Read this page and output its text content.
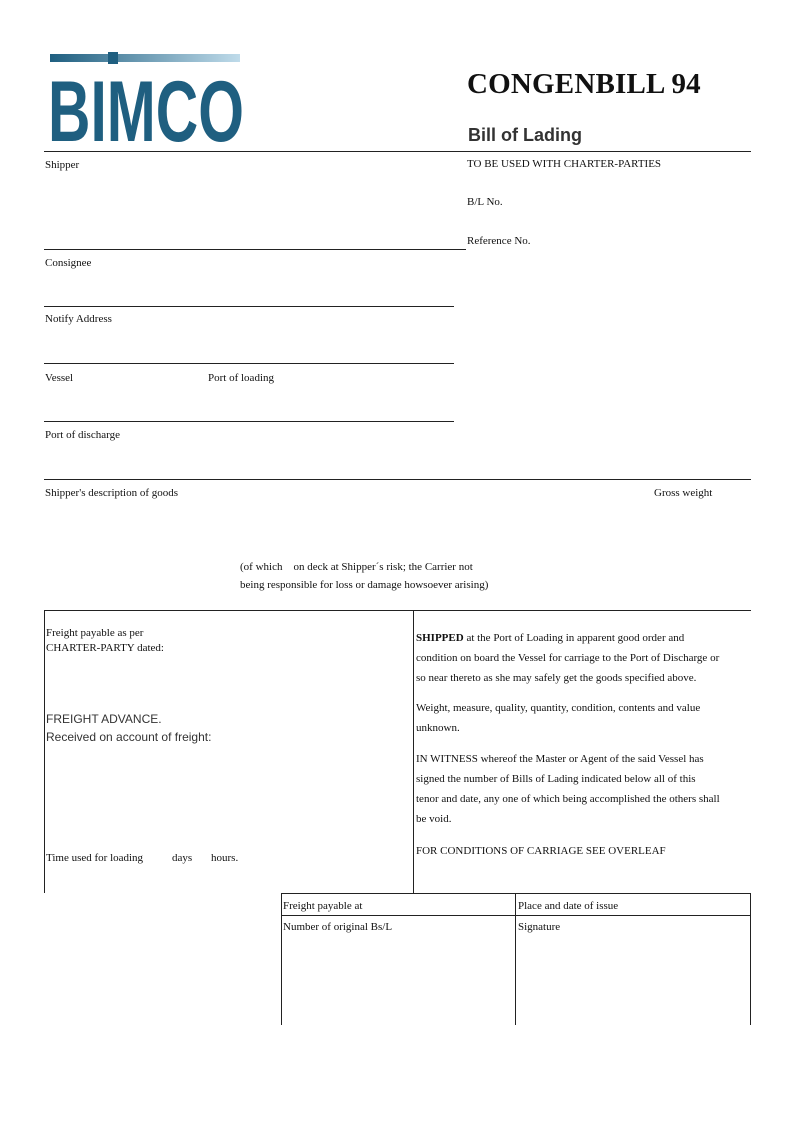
BIMCO	CONGENBILL 94
Bill of Lading
TO BE USED WITH CHARTER-PARTIES
B/L No.
Reference No.
Shipper
Consignee
Notify Address
Vessel	Port of loading
Port of discharge
Shipper's description of goods	Gross weight
(of which    on deck at Shipper´s risk; the Carrier not
being responsible for loss or damage howsoever arising)
Freight payable as per
CHARTER-PARTY dated:
FREIGHT ADVANCE.
Received on account of freight:
Time used for loading	days hours.
SHIPPED at the Port of Loading in apparent good order and
condition on board the Vessel for carriage to the Port of Discharge or
so near thereto as she may safely get the goods specified above.
Weight, measure, quality, quantity, condition, contents and value
unknown.
IN WITNESS whereof the Master or Agent of the said Vessel has
signed the number of Bills of Lading indicated below all of this
tenor and date, any one of which being accomplished the others shall
be void.
FOR CONDITIONS OF CARRIAGE SEE OVERLEAF
Freight payable at	Place and date of issue
Number of original Bs/L	Signature
